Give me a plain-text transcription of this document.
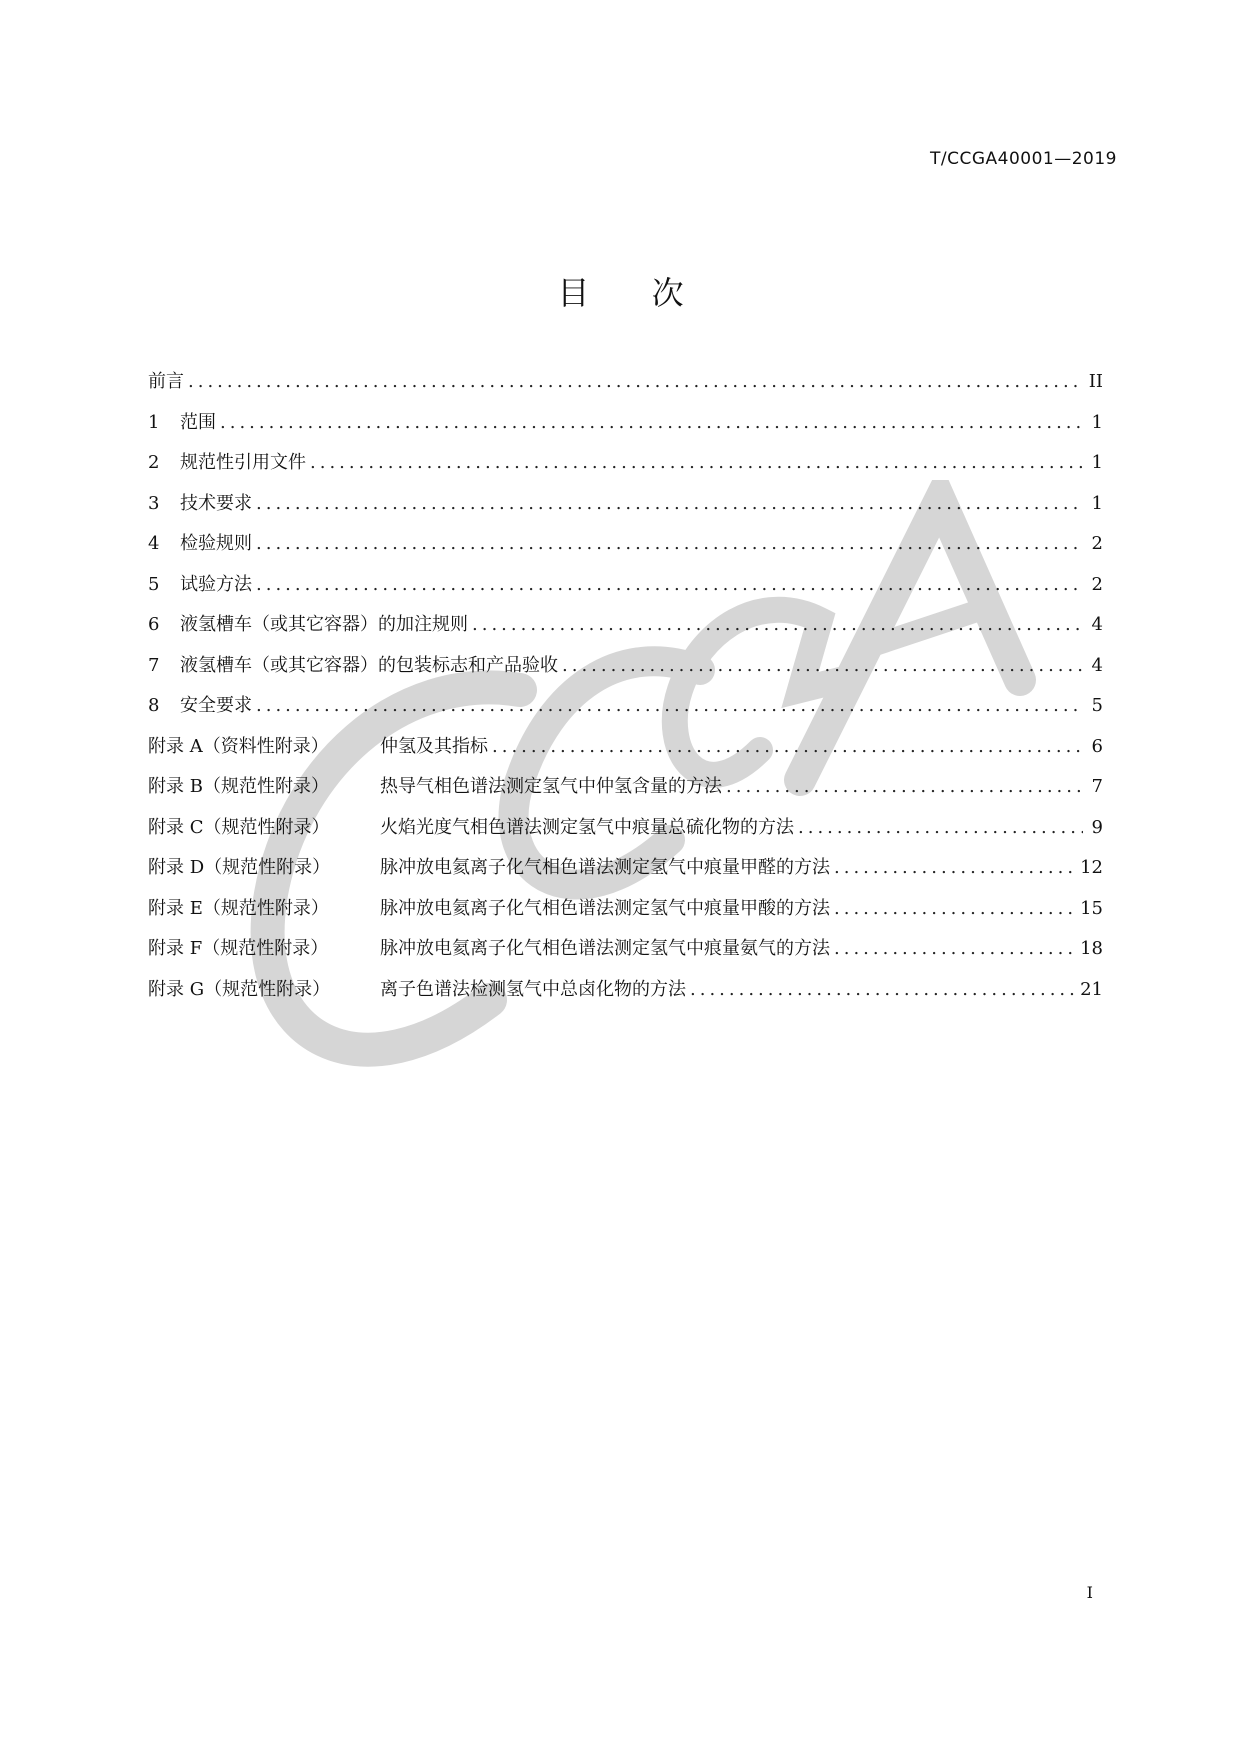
T/CCGA40001—2019
目 次
前言 .....	II
1	范围 .....	1
2	规范性引用文件 .....	1
3	技术要求 .....	1
4	检验规则 .....	2
5	试验方法 .....	2
6	液氢槽车（或其它容器）的加注规则 .....	4
7	液氢槽车（或其它容器）的包装标志和产品验收 .....	4
8	安全要求 .....	5
附录 A（资料性附录）	仲氢及其指标 .....	6
附录 B（规范性附录）	热导气相色谱法测定氢气中仲氢含量的方法 .....	7
附录 C（规范性附录）	火焰光度气相色谱法测定氢气中痕量总硫化物的方法 .....	9
附录 D（规范性附录）	脉冲放电氦离子化气相色谱法测定氢气中痕量甲醛的方法 .....	12
附录 E（规范性附录）	脉冲放电氦离子化气相色谱法测定氢气中痕量甲酸的方法 .....	15
附录 F（规范性附录）	脉冲放电氦离子化气相色谱法测定氢气中痕量氨气的方法 .....	18
附录 G（规范性附录）	离子色谱法检测氢气中总卤化物的方法 .....	21
I
